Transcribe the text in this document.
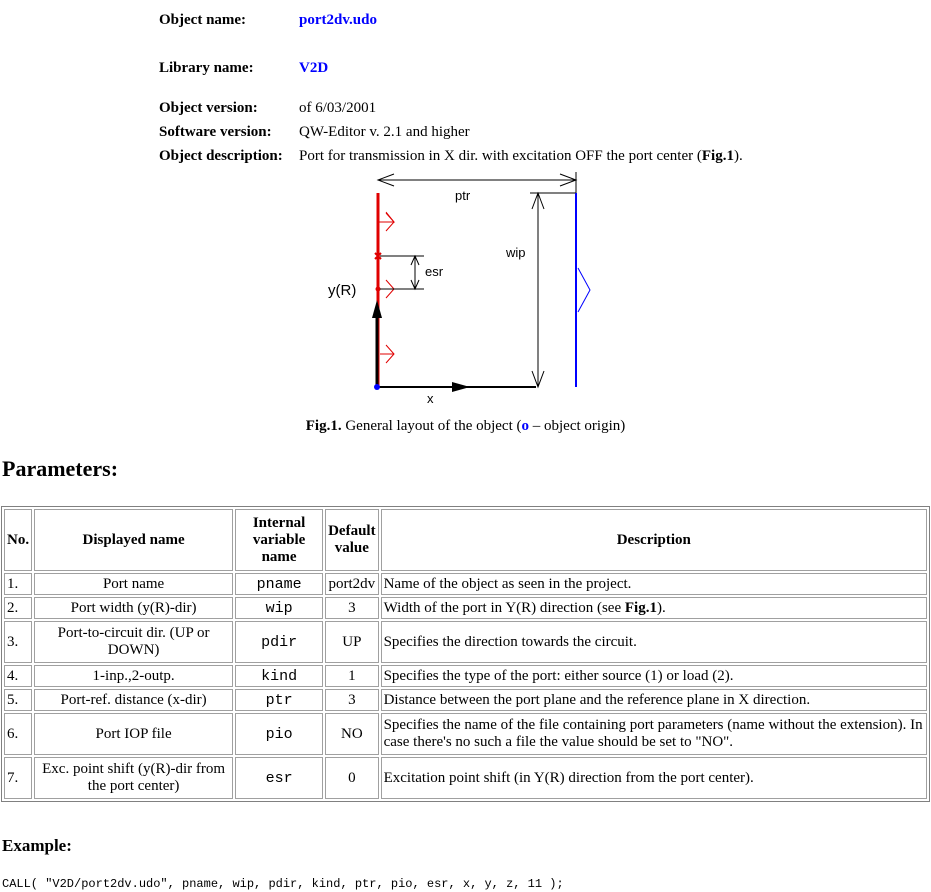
Object name:	port2dv.udo
Library name:	V2D
Object version:	of 6/03/2001
Software version:	QW-Editor v. 2.1 and higher
Object description:	Port for transmission in X dir. with excitation OFF the port center (Fig.1).
ptr
wip
x
y(R)
esr
Fig.1. General layout of the object (o – object origin)
Parameters:
No.	Displayed name	Internal variable name	Default value	Description
1.	Port name	pname	port2dv	Name of the object as seen in the project.
2.	Port width (y(R)-dir)	wip	3	Width of the port in Y(R) direction (see Fig.1).
3.	Port-to-circuit dir. (UP or DOWN)	pdir	UP	Specifies the direction towards the circuit.
4.	1-inp.,2-outp.	kind	1	Specifies the type of the port: either source (1) or load (2).
5.	Port-ref. distance (x-dir)	ptr	3	Distance between the port plane and the reference plane in X direction.
6.	Port IOP file	pio	NO	Specifies the name of the file containing port parameters (name without the extension). In case there's no such a file the value should be set to "NO".
7.	Exc. point shift (y(R)-dir from the port center)	esr	0	Excitation point shift (in Y(R) direction from the port center).
Example:
CALL( "V2D/port2dv.udo", pname, wip, pdir, kind, ptr, pio, esr, x, y, z, 11 );
